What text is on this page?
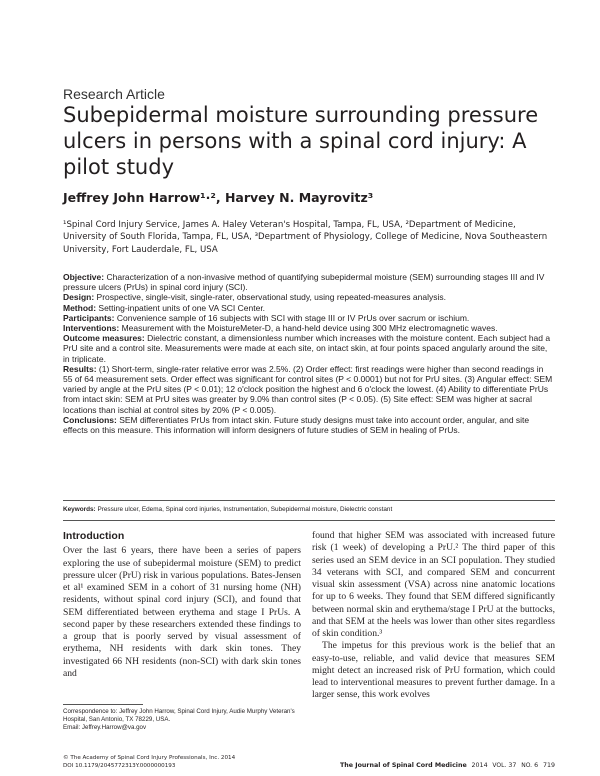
Research Article
Subepidermal moisture surrounding pressure ulcers in persons with a spinal cord injury: A pilot study
Jeffrey John Harrow¹·², Harvey N. Mayrovitz³
¹Spinal Cord Injury Service, James A. Haley Veteran's Hospital, Tampa, FL, USA, ²Department of Medicine, University of South Florida, Tampa, FL, USA, ³Department of Physiology, College of Medicine, Nova Southeastern University, Fort Lauderdale, FL, USA

Objective: Characterization of a non-invasive method of quantifying subepidermal moisture (SEM) surrounding stages III and IV pressure ulcers (PrUs) in spinal cord injury (SCI).

Design: Prospective, single-visit, single-rater, observational study, using repeated-measures analysis.

Method: Setting-inpatient units of one VA SCI Center.

Participants: Convenience sample of 16 subjects with SCI with stage III or IV PrUs over sacrum or ischium.

Interventions: Measurement with the MoistureMeter-D, a hand-held device using 300 MHz electromagnetic waves.

Outcome measures: Dielectric constant, a dimensionless number which increases with the moisture content. Each subject had a PrU site and a control site. Measurements were made at each site, on intact skin, at four points spaced angularly around the site, in triplicate.

Results: (1) Short-term, single-rater relative error was 2.5%. (2) Order effect: first readings were higher than second readings in 55 of 64 measurement sets. Order effect was significant for control sites (P < 0.0001) but not for PrU sites. (3) Angular effect: SEM varied by angle at the PrU sites (P < 0.01); 12 o'clock position the highest and 6 o'clock the lowest. (4) Ability to differentiate PrUs from intact skin: SEM at PrU sites was greater by 9.0% than control sites (P < 0.05). (5) Site effect: SEM was higher at sacral locations than ischial at control sites by 20% (P < 0.005).

Conclusions: SEM differentiates PrUs from intact skin. Future study designs must take into account order, angular, and site effects on this measure. This information will inform designers of future studies of SEM in healing of PrUs.

Keywords: Pressure ulcer, Edema, Spinal cord injuries, Instrumentation, Subepidermal moisture, Dielectric constant
Introduction

Over the last 6 years, there have been a series of papers exploring the use of subepidermal moisture (SEM) to predict pressure ulcer (PrU) risk in various populations. Bates-Jensen et al¹ examined SEM in a cohort of 31 nursing home (NH) residents, without spinal cord injury (SCI), and found that SEM differentiated between erythema and stage I PrUs. A second paper by these researchers extended these findings to a group that is poorly served by visual assessment of erythema, NH residents with dark skin tones. They investigated 66 NH residents (non-SCI) with dark skin tones and

found that higher SEM was associated with increased future risk (1 week) of developing a PrU.² The third paper of this series used an SEM device in an SCI population. They studied 34 veterans with SCI, and compared SEM and concurrent visual skin assessment (VSA) across nine anatomic locations for up to 6 weeks. They found that SEM differed significantly between normal skin and erythema/stage I PrU at the buttocks, and that SEM at the heels was lower than other sites regardless of skin condition.³

The impetus for this previous work is the belief that an easy-to-use, reliable, and valid device that measures SEM might detect an increased risk of PrU formation, which could lead to interventional measures to prevent further damage. In a larger sense, this work evolves

Correspondence to: Jeffrey John Harrow, Spinal Cord Injury, Audie Murphy Veteran's Hospital, San Antonio, TX 78229, USA.
Email: Jeffrey.Harrow@va.gov
© The Academy of Spinal Cord Injury Professionals, Inc. 2014
DOI 10.1179/2045772313Y.0000000193	The Journal of Spinal Cord Medicine 2014 VOL. 37 NO. 6 719
